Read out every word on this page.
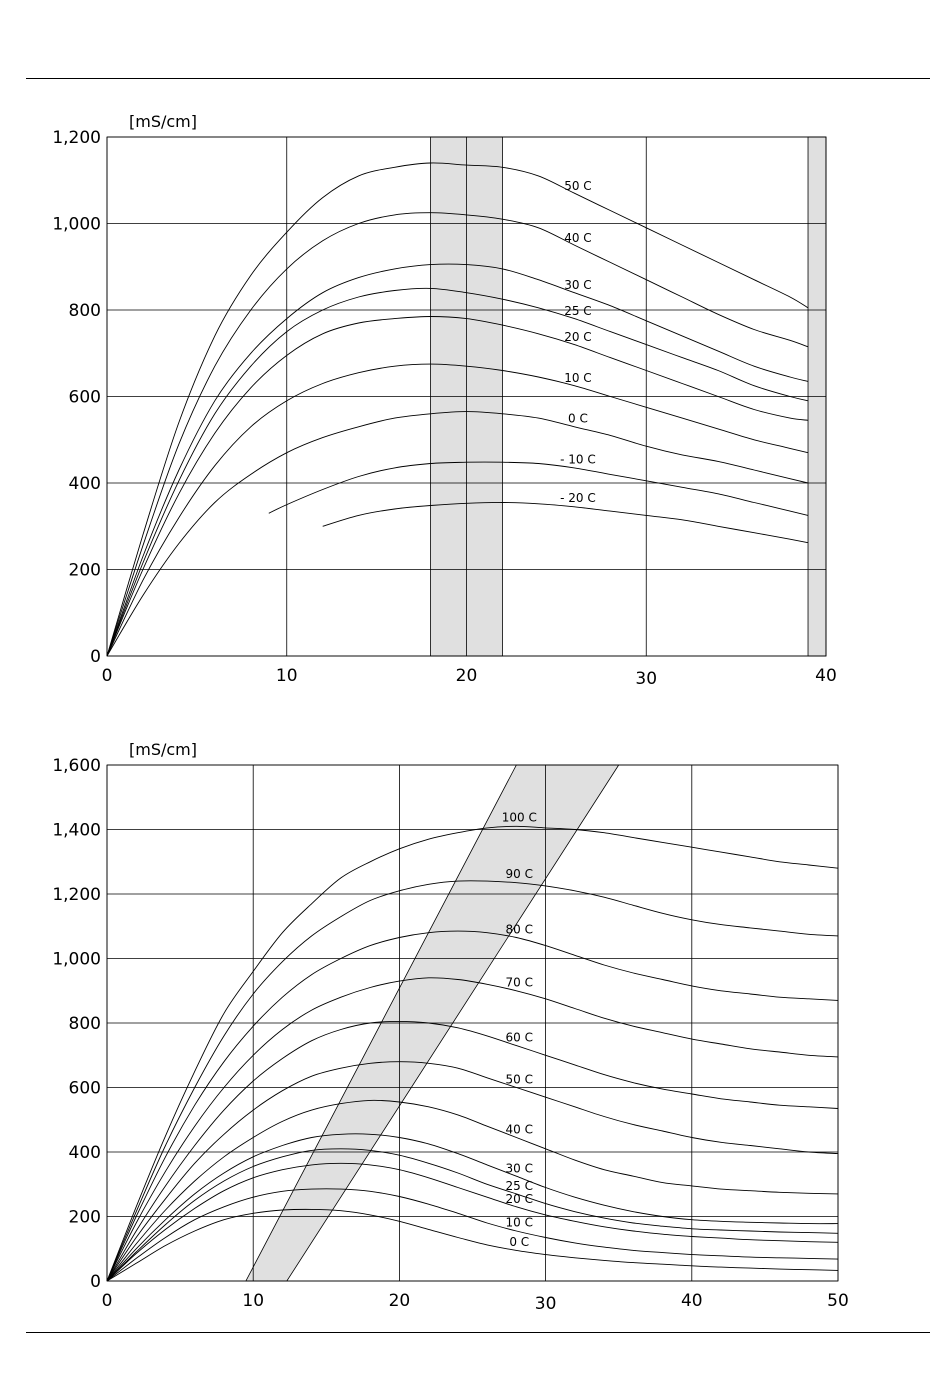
0
200
400
600
800
1,000
1,200
0	10	20	30	40
[mS/cm]
50 C
40 C
30 C
25 C
20 C
10 C
0 C
- 10 C
- 20 C
0
200
400
600
800
1,000
1,200
1,400
1,600
0	10	20	30	40	50
[mS/cm]
100 C
90 C
80 C
70 C
60 C
50 C
40 C
30 C
25 C
20 C
10 C
0 C
